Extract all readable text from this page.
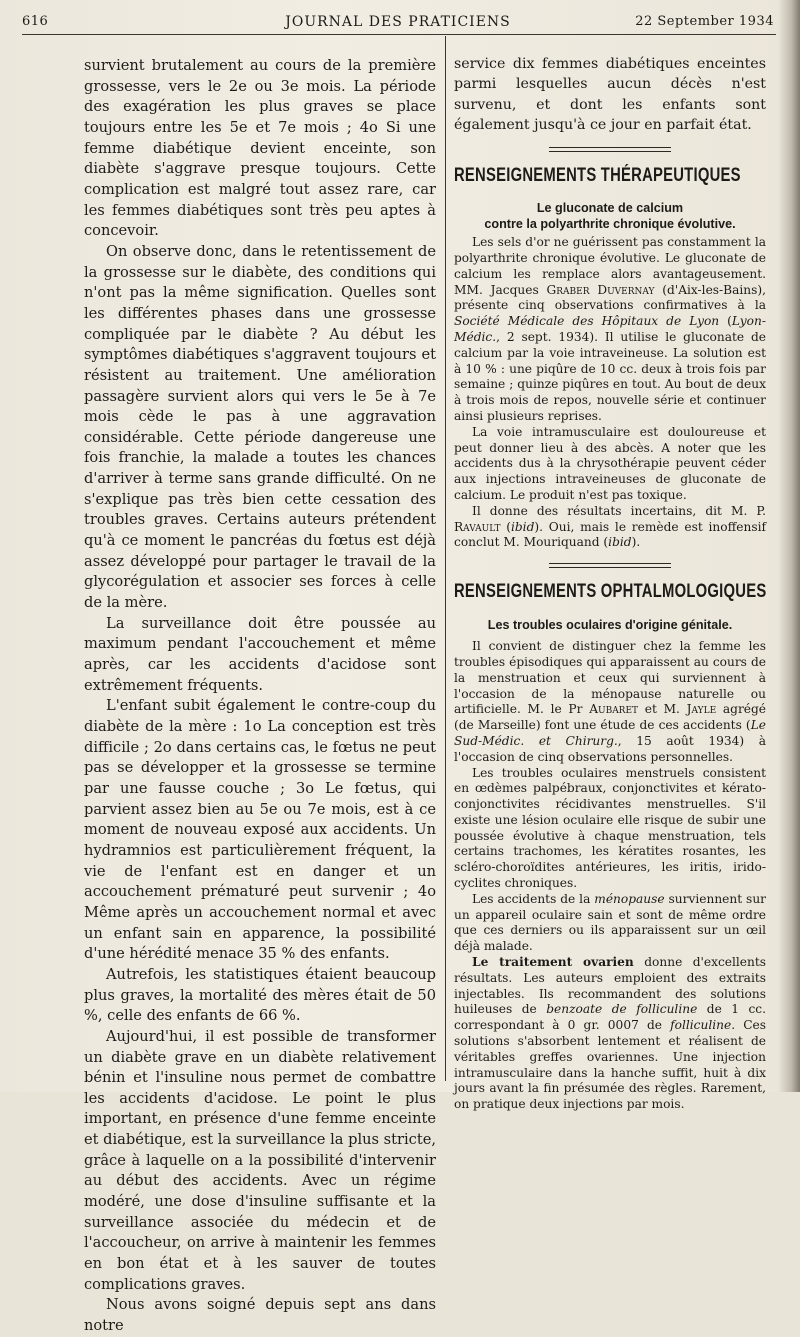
616	JOURNAL DES PRATICIENS	22 September 1934

survient brutalement au cours de la première grossesse, vers le 2e ou 3e mois. La période des exagération les plus graves se place toujours entre les 5e et 7e mois ; 4o Si une femme diabétique devient enceinte, son diabète s'aggrave presque toujours. Cette complication est malgré tout assez rare, car les femmes diabétiques sont très peu aptes à concevoir.

On observe donc, dans le retentissement de la grossesse sur le diabète, des conditions qui n'ont pas la même signification. Quelles sont les différentes phases dans une grossesse compliquée par le diabète ? Au début les symptômes diabétiques s'aggravent toujours et résistent au traitement. Une amélioration passagère survient alors qui vers le 5e à 7e mois cède le pas à une aggravation considérable. Cette période dangereuse une fois franchie, la malade a toutes les chances d'arriver à terme sans grande difficulté. On ne s'explique pas très bien cette cessation des troubles graves. Certains auteurs prétendent qu'à ce moment le pancréas du fœtus est déjà assez développé pour partager le travail de la glycorégulation et associer ses forces à celle de la mère.

La surveillance doit être poussée au maximum pendant l'accouchement et même après, car les accidents d'acidose sont extrêmement fréquents.

L'enfant subit également le contre-coup du diabète de la mère : 1o La conception est très difficile ; 2o dans certains cas, le fœtus ne peut pas se développer et la grossesse se termine par une fausse couche ; 3o Le fœtus, qui parvient assez bien au 5e ou 7e mois, est à ce moment de nouveau exposé aux accidents. Un hydramnios est particulièrement fréquent, la vie de l'enfant est en danger et un accouchement prématuré peut survenir ; 4o Même après un accouchement normal et avec un enfant sain en apparence, la possibilité d'une hérédité menace 35 % des enfants.

Autrefois, les statistiques étaient beaucoup plus graves, la mortalité des mères était de 50 %, celle des enfants de 66 %.

Aujourd'hui, il est possible de transformer un diabète grave en un diabète relativement bénin et l'insuline nous permet de combattre les accidents d'acidose. Le point le plus important, en présence d'une femme enceinte et diabétique, est la surveillance la plus stricte, grâce à laquelle on a la possibilité d'intervenir au début des accidents. Avec un régime modéré, une dose d'insuline suffisante et la surveillance associée du médecin et de l'accoucheur, on arrive à maintenir les femmes en bon état et à les sauver de toutes complications graves.

Nous avons soigné depuis sept ans dans notre

service dix femmes diabétiques enceintes parmi lesquelles aucun décès n'est survenu, et dont les enfants sont également jusqu'à ce jour en parfait état.

RENSEIGNEMENTS THÉRAPEUTIQUES
Le gluconate de calcium
contre la polyarthrite chronique évolutive.

Les sels d'or ne guérissent pas constamment la polyarthrite chronique évolutive. Le gluconate de calcium les remplace alors avantageusement. MM. Jacques Graber Duvernay (d'Aix-les-Bains), présente cinq observations confirmatives à la Société Médicale des Hôpitaux de Lyon (Lyon-Médic., 2 sept. 1934). Il utilise le gluconate de calcium par la voie intraveineuse. La solution est à 10 % : une piqûre de 10 cc. deux à trois fois par semaine ; quinze piqûres en tout. Au bout de deux à trois mois de repos, nouvelle série et continuer ainsi plusieurs reprises.

La voie intramusculaire est douloureuse et peut donner lieu à des abcès. A noter que les accidents dus à la chrysothérapie peuvent céder aux injections intraveineuses de gluconate de calcium. Le produit n'est pas toxique.

Il donne des résultats incertains, dit M. P. Ravault (ibid). Oui, mais le remède est inoffensif conclut M. Mouriquand (ibid).

RENSEIGNEMENTS OPHTALMOLOGIQUES
Les troubles oculaires d'origine génitale.

Il convient de distinguer chez la femme les troubles épisodiques qui apparaissent au cours de la menstruation et ceux qui surviennent à l'occasion de la ménopause naturelle ou artificielle. M. le Pr Aubaret et M. Jayle agrégé (de Marseille) font une étude de ces accidents (Le Sud-Médic. et Chirurg., 15 août 1934) à l'occasion de cinq observations personnelles.

Les troubles oculaires menstruels consistent en œdèmes palpébraux, conjonctivites et kérato-conjonctivites récidivantes menstruelles. S'il existe une lésion oculaire elle risque de subir une poussée évolutive à chaque menstruation, tels certains trachomes, les kératites rosantes, les scléro-choroïdites antérieures, les iritis, irido-cyclites chroniques.

Les accidents de la ménopause surviennent sur un appareil oculaire sain et sont de même ordre que ces derniers ou ils apparaissent sur un œil déjà malade.

Le traitement ovarien donne d'excellents résultats. Les auteurs emploient des extraits injectables. Ils recommandent des solutions huileuses de benzoate de folliculine de 1 cc. correspondant à 0 gr. 0007 de folliculine. Ces solutions s'absorbent lentement et réalisent de véritables greffes ovariennes. Une injection intramusculaire dans la hanche suffit, huit à dix jours avant la fin présumée des règles. Rarement, on pratique deux injections par mois.
